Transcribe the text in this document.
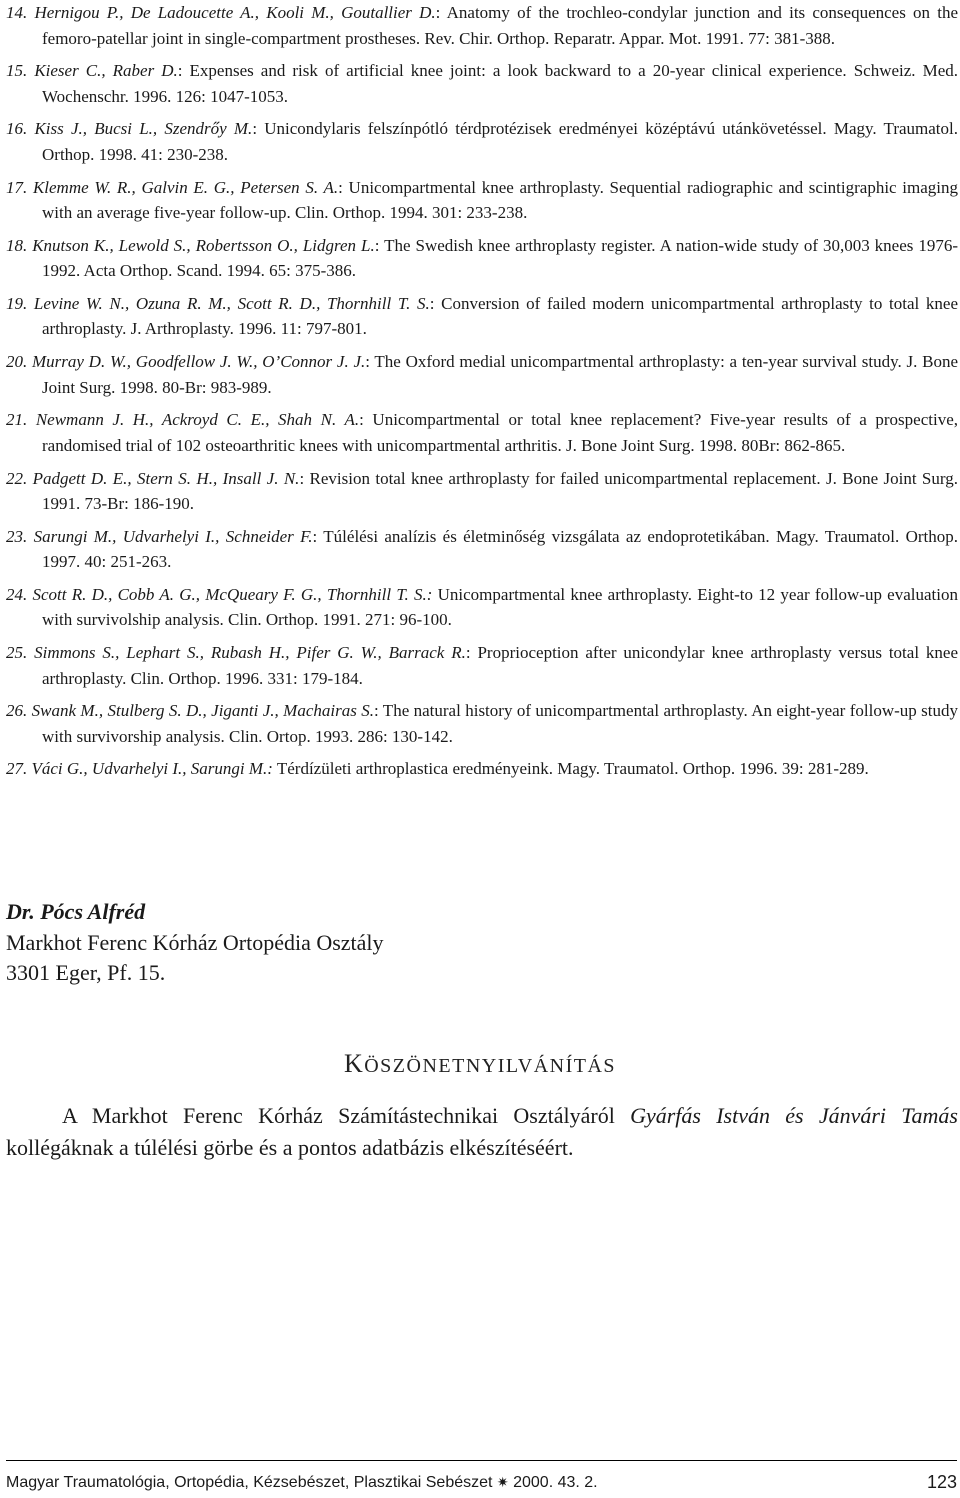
14. Hernigou P., De Ladoucette A., Kooli M., Goutallier D.: Anatomy of the trochleo-condylar junction and its consequences on the femoro-patellar joint in single-compartment prostheses. Rev. Chir. Orthop. Reparatr. Appar. Mot. 1991. 77: 381-388.

15. Kieser C., Raber D.: Expenses and risk of artificial knee joint: a look backward to a 20-year clinical experience. Schweiz. Med. Wochenschr. 1996. 126: 1047-1053.

16. Kiss J., Bucsi L., Szendrőy M.: Unicondylaris felszínpótló térdprotézisek eredményei középtávú utánkövetéssel. Magy. Traumatol. Orthop. 1998. 41: 230-238.

17. Klemme W. R., Galvin E. G., Petersen S. A.: Unicompartmental knee arthroplasty. Sequential radiographic and scintigraphic imaging with an average five-year follow-up. Clin. Orthop. 1994. 301: 233-238.

18. Knutson K., Lewold S., Robertsson O., Lidgren L.: The Swedish knee arthroplasty register. A nation-wide study of 30,003 knees 1976-1992. Acta Orthop. Scand. 1994. 65: 375-386.

19. Levine W. N., Ozuna R. M., Scott R. D., Thornhill T. S.: Conversion of failed modern unicompartmental arthroplasty to total knee arthroplasty. J. Arthroplasty. 1996. 11: 797-801.

20. Murray D. W., Goodfellow J. W., O’Connor J. J.: The Oxford medial unicompartmental arthroplasty: a ten-year survival study. J. Bone Joint Surg. 1998. 80-Br: 983-989.

21. Newmann J. H., Ackroyd C. E., Shah N. A.: Unicompartmental or total knee replacement? Five-year results of a prospective, randomised trial of 102 osteoarthritic knees with unicompartmental arthritis. J. Bone Joint Surg. 1998. 80Br: 862-865.

22. Padgett D. E., Stern S. H., Insall J. N.: Revision total knee arthroplasty for failed unicompartmental replacement. J. Bone Joint Surg. 1991. 73-Br: 186-190.

23. Sarungi M., Udvarhelyi I., Schneider F.: Túlélési analízis és életminőség vizsgálata az endoprotetikában. Magy. Traumatol. Orthop. 1997. 40: 251-263.

24. Scott R. D., Cobb A. G., McQueary F. G., Thornhill T. S.: Unicompartmental knee arthroplasty. Eight-to 12 year follow-up evaluation with survivolship analysis. Clin. Orthop. 1991. 271: 96-100.

25. Simmons S., Lephart S., Rubash H., Pifer G. W., Barrack R.: Proprioception after unicondylar knee arthroplasty versus total knee arthroplasty. Clin. Orthop. 1996. 331: 179-184.

26. Swank M., Stulberg S. D., Jiganti J., Machairas S.: The natural history of unicompartmental arthroplasty. An eight-year follow-up study with survivorship analysis. Clin. Ortop. 1993. 286: 130-142.

27. Váci G., Udvarhelyi I., Sarungi M.: Térdízületi arthroplastica eredményeink. Magy. Traumatol. Orthop. 1996. 39: 281-289.

Dr. Pócs Alfréd
Markhot Ferenc Kórház Ortopédia Osztály
3301 Eger, Pf. 15.
KÖSZÖNETNYILVÁNÍTÁS
A Markhot Ferenc Kórház Számítástechnikai Osztályáról Gyárfás István és Jánvári Tamás kollégáknak a túlélési görbe és a pontos adatbázis elkészítéséért.
Magyar Traumatológia, Ortopédia, Kézsebészet, Plasztikai Sebészet ✷ 2000. 43. 2.	123
